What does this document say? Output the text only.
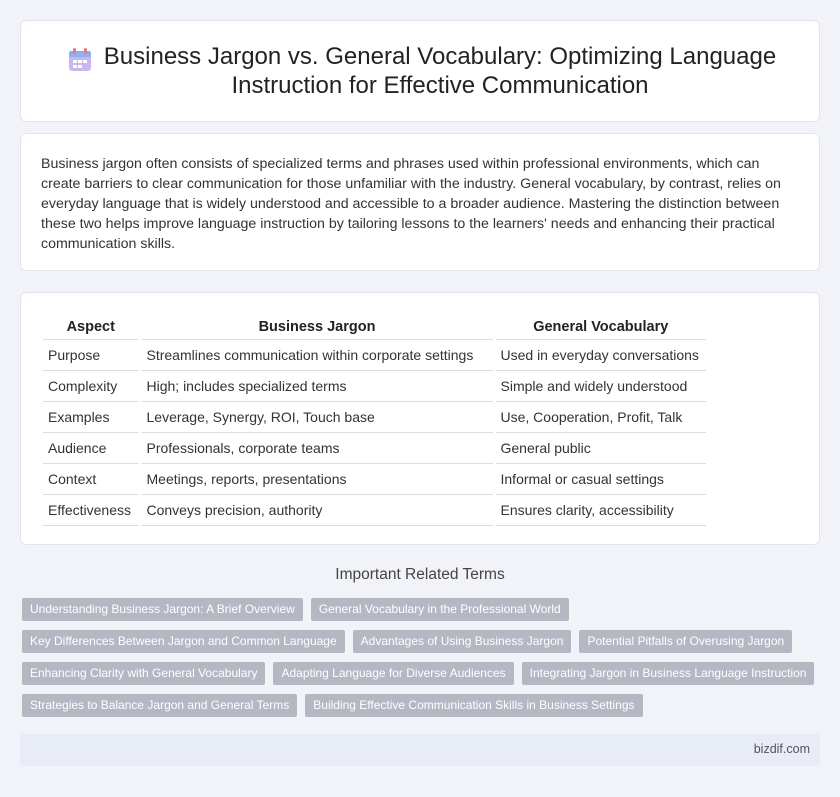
Business Jargon vs. General Vocabulary: Optimizing Language Instruction for Effective Communication

Business jargon often consists of specialized terms and phrases used within professional environments, which can create barriers to clear communication for those unfamiliar with the industry. General vocabulary, by contrast, relies on everyday language that is widely understood and accessible to a broader audience. Mastering the distinction between these two helps improve language instruction by tailoring lessons to the learners' needs and enhancing their practical communication skills.

Aspect	Business Jargon	General Vocabulary
Purpose	Streamlines communication within corporate settings	Used in everyday conversations
Complexity	High; includes specialized terms	Simple and widely understood
Examples	Leverage, Synergy, ROI, Touch base	Use, Cooperation, Profit, Talk
Audience	Professionals, corporate teams	General public
Context	Meetings, reports, presentations	Informal or casual settings
Effectiveness	Conveys precision, authority	Ensures clarity, accessibility
Important Related Terms
Understanding Business Jargon: A Brief Overview	General Vocabulary in the Professional World
Key Differences Between Jargon and Common Language	Advantages of Using Business Jargon	Potential Pitfalls of Overusing Jargon
Enhancing Clarity with General Vocabulary	Adapting Language for Diverse Audiences	Integrating Jargon in Business Language Instruction
Strategies to Balance Jargon and General Terms	Building Effective Communication Skills in Business Settings
bizdif.com
